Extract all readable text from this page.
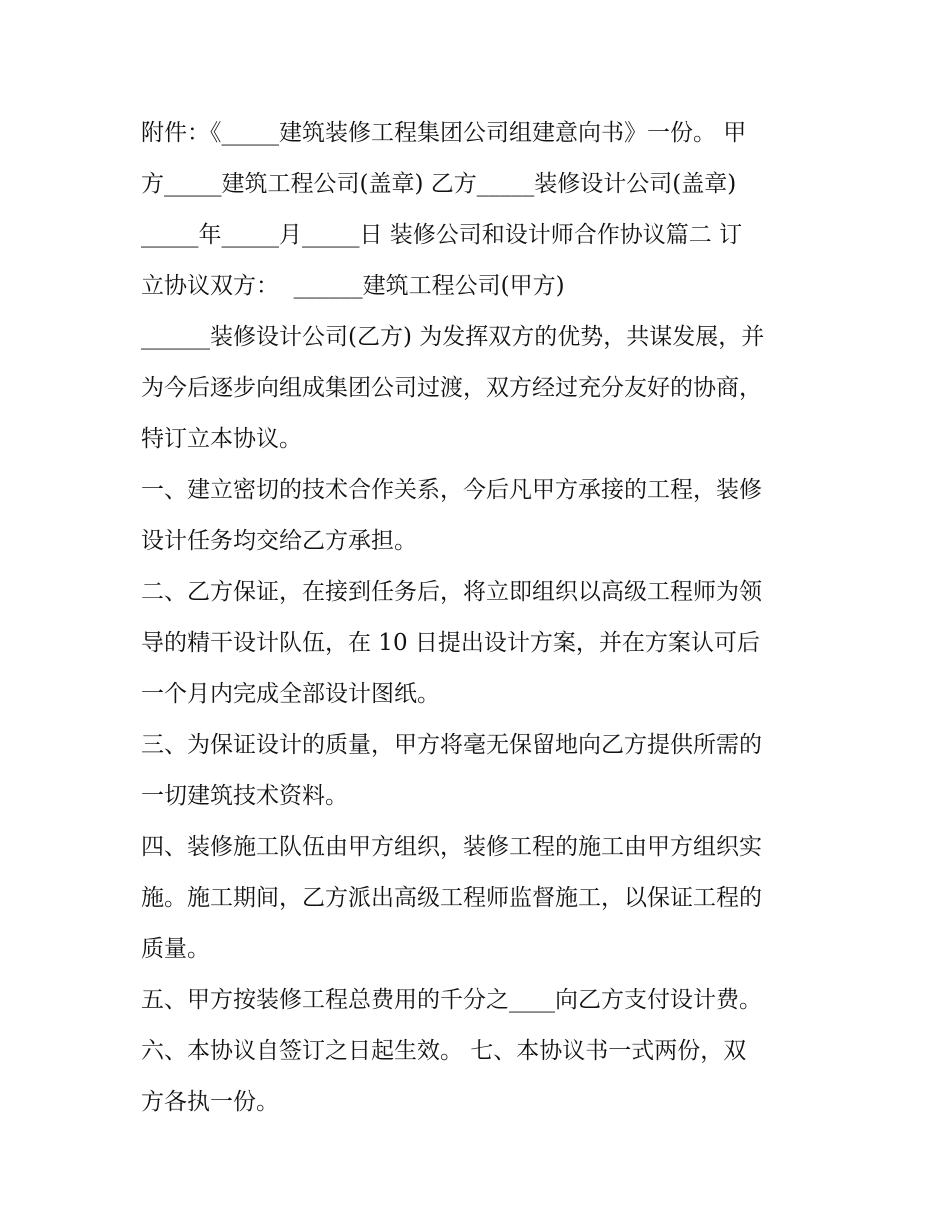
附件：《_____建筑装修工程集团公司组建意向书》一份。 甲
方_____建筑工程公司(盖章) 乙方_____装修设计公司(盖章)
_____年_____月_____日 装修公司和设计师合作协议篇二 订
立协议双方：  ______建筑工程公司(甲方)
______装修设计公司(乙方) 为发挥双方的优势，共谋发展，并
为今后逐步向组成集团公司过渡，双方经过充分友好的协商，
特订立本协议。
一、建立密切的技术合作关系，今后凡甲方承接的工程，装修
设计任务均交给乙方承担。
二、乙方保证，在接到任务后，将立即组织以高级工程师为领
导的精干设计队伍，在 10 日提出设计方案，并在方案认可后
一个月内完成全部设计图纸。
三、为保证设计的质量，甲方将毫无保留地向乙方提供所需的
一切建筑技术资料。
四、装修施工队伍由甲方组织，装修工程的施工由甲方组织实
施。施工期间，乙方派出高级工程师监督施工，以保证工程的
质量。
五、甲方按装修工程总费用的千分之____向乙方支付设计费。
六、本协议自签订之日起生效。 七、本协议书一式两份，双
方各执一份。
